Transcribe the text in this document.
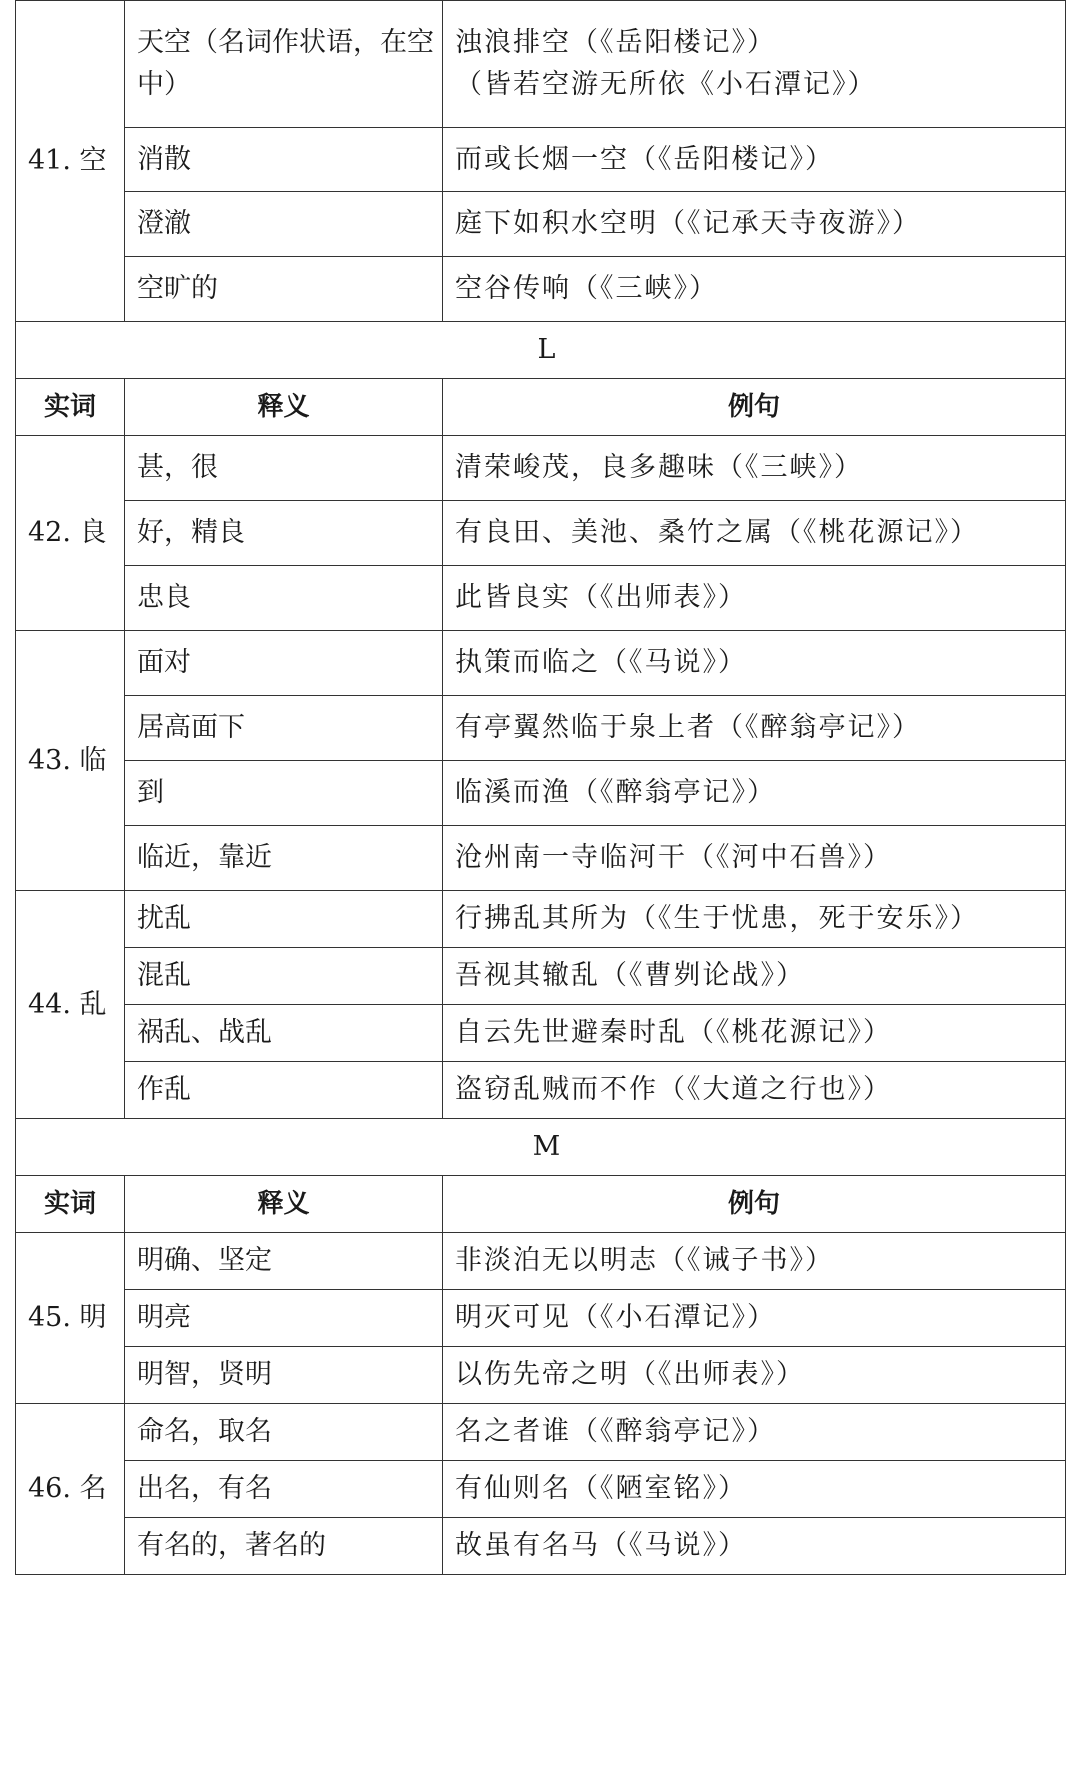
41. 空	天空（名词作状语，在空中）	浊浪排空（《岳阳楼记》）
（皆若空游无所依《小石潭记》）
	消散	而或长烟一空（《岳阳楼记》）
	澄澈	庭下如积水空明（《记承天寺夜游》）
	空旷的	空谷传响（《三峡》）
L		
实词	释义	例句
42. 良	甚，很	清荣峻茂，良多趣味（《三峡》）
	好，精良	有良田、美池、桑竹之属（《桃花源记》）
	忠良	此皆良实（《出师表》）
43. 临	面对	执策而临之（《马说》）
	居高面下	有亭翼然临于泉上者（《醉翁亭记》）
	到	临溪而渔（《醉翁亭记》）
	临近，靠近	沧州南一寺临河干（《河中石兽》）
44. 乱	扰乱	行拂乱其所为（《生于忧患，死于安乐》）
	混乱	吾视其辙乱（《曹刿论战》）
	祸乱、战乱	自云先世避秦时乱（《桃花源记》）
	作乱	盗窃乱贼而不作（《大道之行也》）
M		
实词	释义	例句
45. 明	明确、坚定	非淡泊无以明志（《诫子书》）
	明亮	明灭可见（《小石潭记》）
	明智，贤明	以伤先帝之明（《出师表》）
46. 名	命名，取名	名之者谁（《醉翁亭记》）
	出名，有名	有仙则名（《陋室铭》）
	有名的，著名的	故虽有名马（《马说》）
